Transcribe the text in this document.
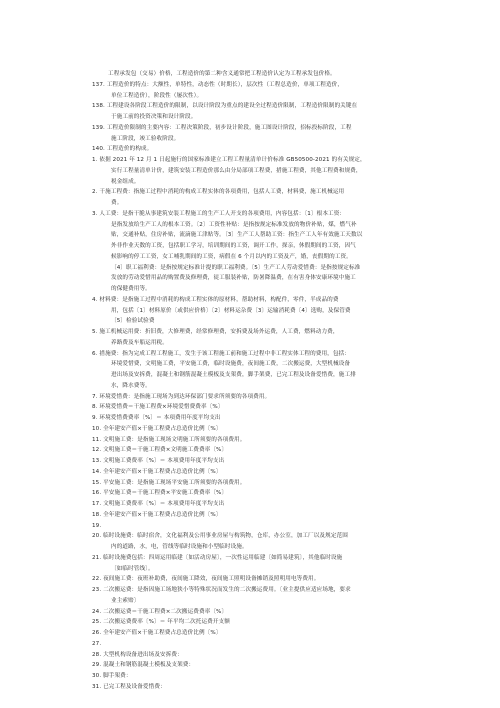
工程承发包（交易）价格，工程造价的第二种含义通常把工程造价认定为工程承发包价格。
137. 工程造价的特点：大额性，单特性，动态性（时期长），层次性（工程总造价，单项工程造价，
单位工程造价），阶段性（屡次性）。
138. 工程建设各阶段工程造价的限制，以设计阶段为重点的建设全过程造价限制，工程造价限制的关键在
于施工前的投资决策和设计阶段。
139. 工程造价限制的主要内容：工程决策阶段，初步设计阶段，施工图设计阶段，招标投标阶段，工程
施工阶段，竣工验收阶段。
140. 工程造价的构成。
1. 依据 2021 年 12 月 1 日起施行的国家标准建立工程工程量清单计价标准 GB50500-2021 的有关规定，
实行工程量清单计价，建筑安装工程造价那么由分局部项工程费，措施工程费，其他工程费和规费，
税金组成。
2. 干施工程费：指施工过程中消耗的构成工程实体的各项费用，包括人工费，材料费，施工机械运用
费。
3. 人工费：是指干脆从事建筑安装工程施工的生产工人开支的各项费用，内容包括：〔1〕根本工资：
是指发放给生产工人的根本工资。〔2〕工资性补贴：是指按规定标准发放的物价补贴，煤，燃气补
贴，交通补贴，住房补贴，流滴施工津贴等。〔3〕生产工人帮助工资：指生产工人年有效施工天数以
外非作业天数的工资，包括职工学习，培训期间的工资，调开工作，探亲，休假期间的工资，因气
候影响的停工工资，女工哺乳期间的工资，病假在 6 个月以内的工资及产，婚，丧假期的工资。
〔4〕职工福利费：是指按规定标准计提的职工福利费。〔5〕生产工人劳动爱惜费：是指按规定标准
发放的劳动爱惜用品的购置费及修理费，徒工服装补贴，防暑降温费，在有害身体安康环境中施工
的保健费用等。
4. 材料费：是指施工过程中消耗的构成工程实体的原材料，帮助材料，构配件，零件，半成品的费
用，包括〔1〕材料原价〔或供应价格〕〔2〕材料运杂费〔3〕运输消耗费〔4〕选购，及保管费
〔5〕检验试验费
5. 施工机械运用费：折旧费，大修理费，经常修理费，安拆费及场外运费，人工费，燃料动力费，
养路费及车船运用税。
6. 措施费：指为完成工程工程施工，发生于该工程施工前和施工过程中非工程实体工程的费用，包括：
环境爱惜费，文明施工费，平安施工费，临时设施费，夜间施工费，二次搬运费，大型机械设备
进出场及安拆费，混凝土和钢筋混凝土模板及支架费，脚手架费，已完工程及设备爱惜费，施工排
水，降水费等。
7. 环境爱惜费：是指施工现场为到达环保部门要求所须要的各项费用。
8. 环境爱惜费＝干施工程费×环境爱惜费费率〔%〕
9. 环境爱惜费费率〔%〕＝ 本项费用年度平均支出
10. 全年建安产值×干施工程费占总造价比例〔%〕
11. 文明施工费：是指施工现场文明施工所须要的各项费用。
12. 文明施工费＝干施工程费×文明施工费费率〔%〕
13. 文明施工费费率〔%〕＝ 本项费用年度平均支出
14. 全年建安产值×干施工程费占总造价比例〔%〕
15. 平安施工费：是指施工现场平安施工所须要的各项费用。
16. 平安施工费＝干施工程费×平安施工费费率〔%〕
17. 文明施工费费率〔%〕＝ 本项费用年度平均支出
18. 全年建安产值×干施工程费占总造价比例〔%〕
19.
20. 临时设施费：临时宿舍，文化福利及公用事业房屋与构筑物，仓库，办公室，加工厂以及规定范围
内的道路，水，电，管线等临时设施和小型临时设施。
21. 临时设施费包括：四周运用临建〔如活动房屋〕，一次性运用临建〔如简易建筑〕，其他临时设施
〔如临时管线〕。
22. 夜间施工费：夜班补助费，夜间施工降效，夜间施工照明设备摊销及照明用电等费用。
23. 二次搬运费：是指因施工场地狭小等特殊状况而发生的二次搬运费用。〔业主提供应适应场地，要求
业主索赔〕
24. 二次搬运费＝干施工程费×二次搬运费费率〔%〕
25. 二次搬运费费率〔%〕＝ 年平均二次托运费开支额
26. 全年建安产值×干施工程费占总造价比例〔%〕
27.
28. 大型机构设备进出场及安拆费：
29. 混凝土和钢筋混凝土模板及支架费：
30. 脚手架费：
31. 已完工程及设备爱惜费：
